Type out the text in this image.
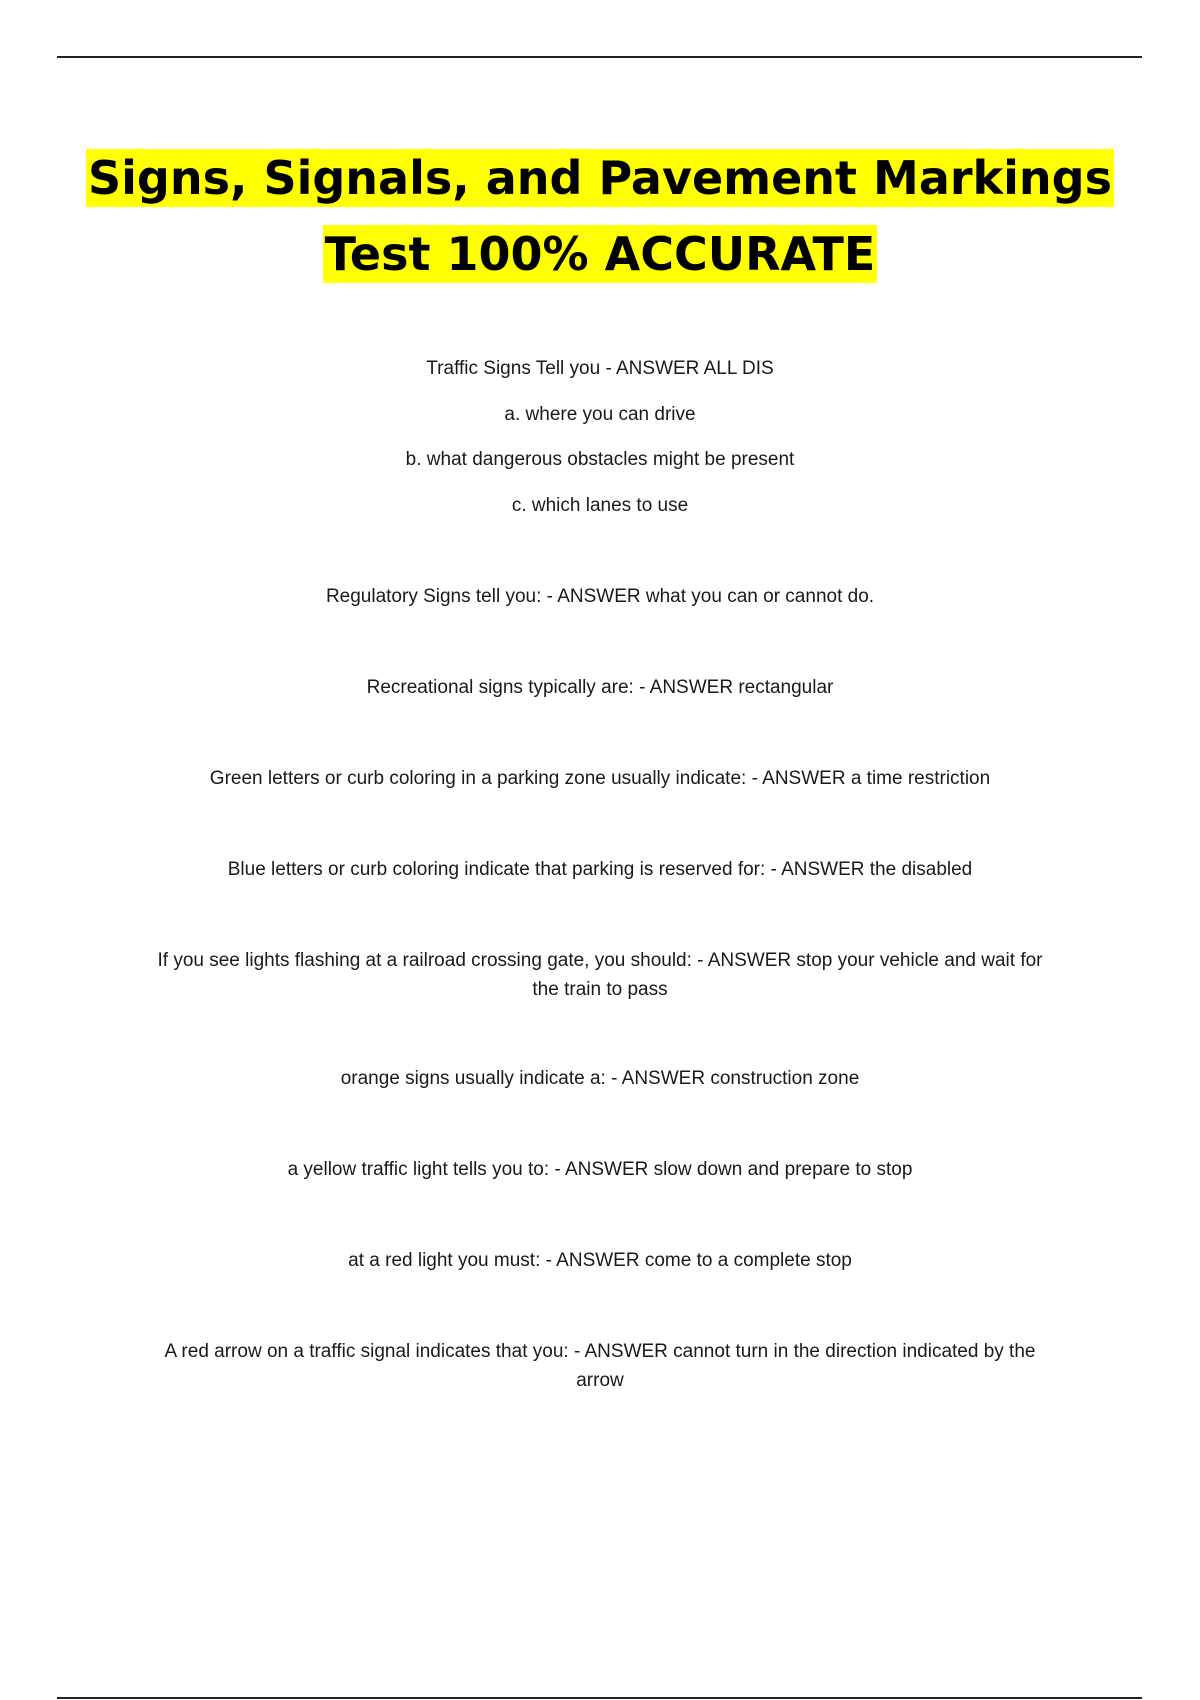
Signs, Signals, and Pavement Markings
Test 100% ACCURATE

Traffic Signs Tell you - ANSWER ALL DIS

a. where you can drive

b. what dangerous obstacles might be present

c. which lanes to use

Regulatory Signs tell you: - ANSWER what you can or cannot do.

Recreational signs typically are: - ANSWER rectangular

Green letters or curb coloring in a parking zone usually indicate: - ANSWER a time restriction

Blue letters or curb coloring indicate that parking is reserved for: - ANSWER the disabled

If you see lights flashing at a railroad crossing gate, you should: - ANSWER stop your vehicle and wait for

the train to pass

orange signs usually indicate a: - ANSWER construction zone

a yellow traffic light tells you to: - ANSWER slow down and prepare to stop

at a red light you must: - ANSWER come to a complete stop

A red arrow on a traffic signal indicates that you: - ANSWER cannot turn in the direction indicated by the

arrow
